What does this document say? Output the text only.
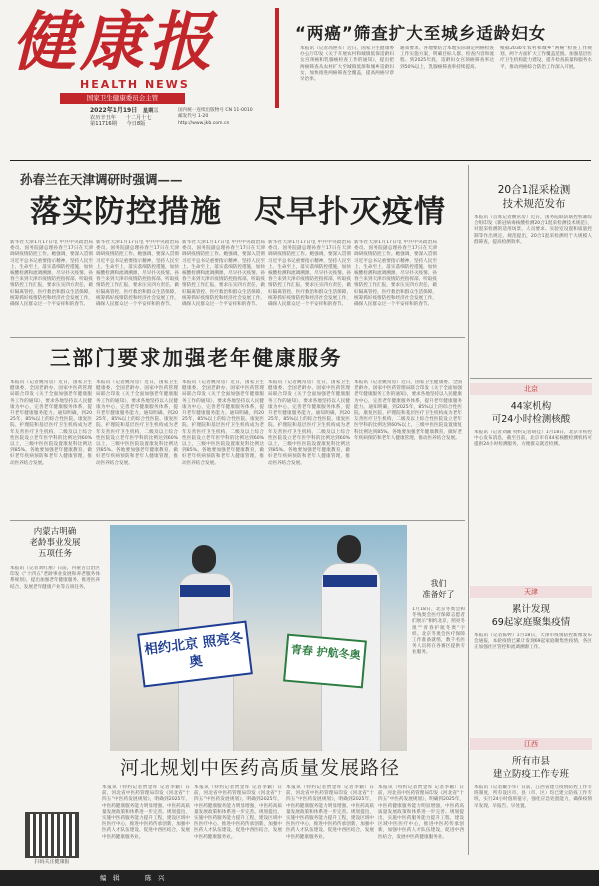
健康报
HEALTH NEWS
国家卫生健康委员会主管
2022年1月19日 星期三
农历辛丑年 十二月十七
第11716期 今日8版
国内统一连续出版物号 CN 11-0010
邮发代号 1-20
http://www.jkb.com.cn
“两癌”筛查扩大至城乡适龄妇女
本报讯（记者高艳军）近日，国家卫生健康委办公厅印发《关于开展农村和城镇低保适龄妇女宫颈癌和乳腺癌检查工作的通知》，提出把两癌筛查从农村扩大至城镇低保和城乡适龄妇女，加快推进两癌筛查全覆盖，提高两癌早诊早治率。
通知要求，各地要结合本地实际制定两癌检查工作实施方案，明确目标人群、检查内容和流程。到2025年底，适龄妇女宫颈癌筛查率达到50%以上，乳腺癌筛查率持续提高。
根据2030年农村和城乡“两癌”检查工作规划，两个方面扩大工作覆盖范围。加强基层医疗卫生机构能力建设，提升检查质量和服务水平，推动两癌综合防治工作深入开展。
孙春兰在天津调研时强调——
落实防控措施　尽早扑灭疫情
新华社天津1月17日电 中共中央政治局委员、国务院副总理孙春兰17日在天津调研疫情防控工作。她强调，要深入贯彻习近平总书记重要指示精神，坚持人民至上、生命至上，落实落细防控措施，加快核酸检测和流调溯源，尽早扑灭疫情。孙春兰来到天津市疫情防控指挥部，听取疫情防控工作汇报，要求压实四方责任，做好隔离管控、医疗救治和群众生活保障，统筹抓好疫情防控和经济社会发展工作，确保人民群众过一个平安祥和的春节。
新华社天津1月17日电 中共中央政治局委员、国务院副总理孙春兰17日在天津调研疫情防控工作。她强调，要深入贯彻习近平总书记重要指示精神，坚持人民至上、生命至上，落实落细防控措施，加快核酸检测和流调溯源，尽早扑灭疫情。孙春兰来到天津市疫情防控指挥部，听取疫情防控工作汇报，要求压实四方责任，做好隔离管控、医疗救治和群众生活保障，统筹抓好疫情防控和经济社会发展工作，确保人民群众过一个平安祥和的春节。
新华社天津1月17日电 中共中央政治局委员、国务院副总理孙春兰17日在天津调研疫情防控工作。她强调，要深入贯彻习近平总书记重要指示精神，坚持人民至上、生命至上，落实落细防控措施，加快核酸检测和流调溯源，尽早扑灭疫情。孙春兰来到天津市疫情防控指挥部，听取疫情防控工作汇报，要求压实四方责任，做好隔离管控、医疗救治和群众生活保障，统筹抓好疫情防控和经济社会发展工作，确保人民群众过一个平安祥和的春节。
新华社天津1月17日电 中共中央政治局委员、国务院副总理孙春兰17日在天津调研疫情防控工作。她强调，要深入贯彻习近平总书记重要指示精神，坚持人民至上、生命至上，落实落细防控措施，加快核酸检测和流调溯源，尽早扑灭疫情。孙春兰来到天津市疫情防控指挥部，听取疫情防控工作汇报，要求压实四方责任，做好隔离管控、医疗救治和群众生活保障，统筹抓好疫情防控和经济社会发展工作，确保人民群众过一个平安祥和的春节。
新华社天津1月17日电 中共中央政治局委员、国务院副总理孙春兰17日在天津调研疫情防控工作。她强调，要深入贯彻习近平总书记重要指示精神，坚持人民至上、生命至上，落实落细防控措施，加快核酸检测和流调溯源，尽早扑灭疫情。孙春兰来到天津市疫情防控指挥部，听取疫情防控工作汇报，要求压实四方责任，做好隔离管控、医疗救治和群众生活保障，统筹抓好疫情防控和经济社会发展工作，确保人民群众过一个平安祥和的春节。
20合1混采检测
技术规范发布
本报讯（首席记者姚常房）近日，国务院联防联控机制综合组印发《新冠病毒核酸检测20合1混采检测技术规范》，对混采检测的适用场景、人员要求、实验室设置和质量控制等作出规定。规范提出，20合1混采检测用于大规模人群筛查，提高检测效率。
三部门要求加强老年健康服务
本报讯（记者姚常房）近日，国家卫生健康委、全国老龄办、国家中医药管理局联合印发《关于全面加强老年健康服务工作的通知》，要求各地坚持以人民健康为中心，完善老年健康服务体系，提升老年健康服务能力。通知明确，到2025年，85%以上的综合性医院、康复医院、护理院和基层医疗卫生机构成为老年友善医疗卫生机构，二级及以上综合性医院设立老年医学科的比例达到60%以上，三级中医医院设置康复科比例达到85%。各地要加强老年健康教育，做好老年疾病预防和老年人健康管理，推动医养结合发展。
本报讯（记者姚常房）近日，国家卫生健康委、全国老龄办、国家中医药管理局联合印发《关于全面加强老年健康服务工作的通知》，要求各地坚持以人民健康为中心，完善老年健康服务体系，提升老年健康服务能力。通知明确，到2025年，85%以上的综合性医院、康复医院、护理院和基层医疗卫生机构成为老年友善医疗卫生机构，二级及以上综合性医院设立老年医学科的比例达到60%以上，三级中医医院设置康复科比例达到85%。各地要加强老年健康教育，做好老年疾病预防和老年人健康管理，推动医养结合发展。
本报讯（记者姚常房）近日，国家卫生健康委、全国老龄办、国家中医药管理局联合印发《关于全面加强老年健康服务工作的通知》，要求各地坚持以人民健康为中心，完善老年健康服务体系，提升老年健康服务能力。通知明确，到2025年，85%以上的综合性医院、康复医院、护理院和基层医疗卫生机构成为老年友善医疗卫生机构，二级及以上综合性医院设立老年医学科的比例达到60%以上，三级中医医院设置康复科比例达到85%。各地要加强老年健康教育，做好老年疾病预防和老年人健康管理，推动医养结合发展。
本报讯（记者姚常房）近日，国家卫生健康委、全国老龄办、国家中医药管理局联合印发《关于全面加强老年健康服务工作的通知》，要求各地坚持以人民健康为中心，完善老年健康服务体系，提升老年健康服务能力。通知明确，到2025年，85%以上的综合性医院、康复医院、护理院和基层医疗卫生机构成为老年友善医疗卫生机构，二级及以上综合性医院设立老年医学科的比例达到60%以上，三级中医医院设置康复科比例达到85%。各地要加强老年健康教育，做好老年疾病预防和老年人健康管理，推动医养结合发展。
本报讯（记者姚常房）近日，国家卫生健康委、全国老龄办、国家中医药管理局联合印发《关于全面加强老年健康服务工作的通知》，要求各地坚持以人民健康为中心，完善老年健康服务体系，提升老年健康服务能力。通知明确，到2025年，85%以上的综合性医院、康复医院、护理院和基层医疗卫生机构成为老年友善医疗卫生机构，二级及以上综合性医院设立老年医学科的比例达到60%以上，三级中医医院设置康复科比例达到85%。各地要加强老年健康教育，做好老年疾病预防和老年人健康管理，推动医养结合发展。
内蒙古明确
老龄事业发展
五项任务
本报讯（记者刘红翔）日前，内蒙古自治区印发《“十四五”老龄事业发展和养老服务体系规划》，提出加强老年健康服务、推进医养结合、发展老年健康产业等五项任务。
相约北京 照亮冬奥	青春 护航冬奥
我们
准备好了
1月18日，北京冬奥会和冬残奥会医疗保障志愿者们展示“相约北京，照亮冬奥”“青春护航冬奥”字样。北京冬奥会医疗保障工作准备就绪，数千名医务人员将在各赛区提供专业服务。
河北规划中医药高质量发展路径
本报讯（特约记者贾金库 记者李颖）日前，河北省中医药管理局印发《河北省“十四五”中医药发展规划》，明确到2025年，中医药健康服务能力明显增强，中医药高质量发展政策和体系进一步完善。规划提出，实施中医药服务能力提升工程，建设区域中医医疗中心，推进中医药传承创新，加强中医药人才队伍建设，促进中西医结合，发展中医药健康服务业。
本报讯（特约记者贾金库 记者李颖）日前，河北省中医药管理局印发《河北省“十四五”中医药发展规划》，明确到2025年，中医药健康服务能力明显增强，中医药高质量发展政策和体系进一步完善。规划提出，实施中医药服务能力提升工程，建设区域中医医疗中心，推进中医药传承创新，加强中医药人才队伍建设，促进中西医结合，发展中医药健康服务业。
本报讯（特约记者贾金库 记者李颖）日前，河北省中医药管理局印发《河北省“十四五”中医药发展规划》，明确到2025年，中医药健康服务能力明显增强，中医药高质量发展政策和体系进一步完善。规划提出，实施中医药服务能力提升工程，建设区域中医医疗中心，推进中医药传承创新，加强中医药人才队伍建设，促进中西医结合，发展中医药健康服务业。
本报讯（特约记者贾金库 记者李颖）日前，河北省中医药管理局印发《河北省“十四五”中医药发展规划》，明确到2025年，中医药健康服务能力明显增强，中医药高质量发展政策和体系进一步完善。规划提出，实施中医药服务能力提升工程，建设区域中医医疗中心，推进中医药传承创新，加强中医药人才队伍建设，促进中西医结合，发展中医药健康服务业。
扫码关注健康报
北京
44家机构
可24小时检测核酸
本报讯（记者刘颖 特约记者胡佳）1月18日，北京市疾控中心发布消息，截至目前，北京市有44家核酸检测机构可提供24小时检测服务，方便群众就近检测。
天津
累计发现
69起家庭聚集疫情
本报讯（记者陈婷）1月18日，天津市疫情防控新闻发布会通报，本轮疫情已累计发现69起家庭聚集性疫情，各区正加强社区管控和流调溯源工作。
江西
所有市县
建立防疫工作专班
本报讯（记者戴小华）日前，江西省建立疫情防控工作专班制度，所有设区市、县（市、区）均已建立防疫工作专班，实行24小时值班值守，强化应急处置能力，确保疫情早发现、早报告、早处置。
编　辑	陈　兴
